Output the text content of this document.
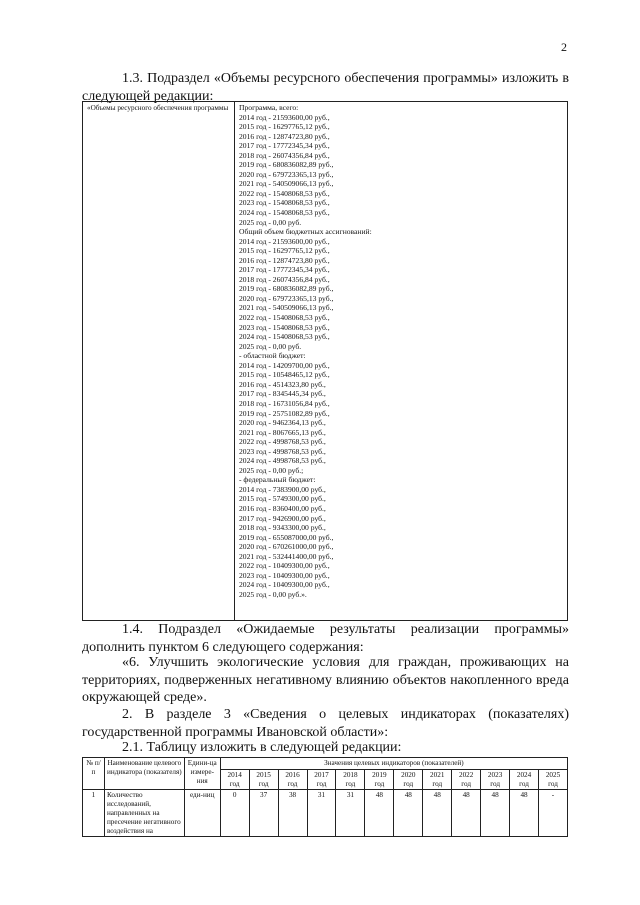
2

1.3. Подраздел «Объемы ресурсного обеспечения программы» изложить в следующей редакции:

«Объемы ресурсного обеспечения программы	Программа, всего:
2014 год - 21593600,00 руб.,
2015 год - 16297765,12 руб.,
2016 год - 12874723,80 руб.,
2017 год - 17772345,34 руб.,
2018 год - 26074356,84 руб.,
2019 год - 680836082,89 руб.,
2020 год - 679723365,13 руб.,
2021 год - 540509066,13 руб.,
2022 год - 15408068,53 руб.,
2023 год - 15408068,53 руб.,
2024 год - 15408068,53 руб.,
2025 год - 0,00 руб.
Общий объем бюджетных ассигнований:
2014 год - 21593600,00 руб.,
2015 год - 16297765,12 руб.,
2016 год - 12874723,80 руб.,
2017 год - 17772345,34 руб.,
2018 год - 26074356,84 руб.,
2019 год - 680836082,89 руб.,
2020 год - 679723365,13 руб.,
2021 год - 540509066,13 руб.,
2022 год - 15408068,53 руб.,
2023 год - 15408068,53 руб.,
2024 год - 15408068,53 руб.,
2025 год - 0,00 руб.
- областной бюджет:
2014 год - 14209700,00 руб.,
2015 год - 10548465,12 руб.,
2016 год - 4514323,80 руб.,
2017 год - 8345445,34 руб.,
2018 год - 16731056,84 руб.,
2019 год - 25751082,89 руб.,
2020 год - 9462364,13 руб.,
2021 год - 8067665,13 руб.,
2022 год - 4998768,53 руб.,
2023 год - 4998768,53 руб.,
2024 год - 4998768,53 руб.,
2025 год - 0,00 руб.;
- федеральный бюджет:
2014 год - 7383900,00 руб.,
2015 год - 5749300,00 руб.,
2016 год - 8360400,00 руб.,
2017 год - 9426900,00 руб.,
2018 год - 9343300,00 руб.,
2019 год - 655087000,00 руб.,
2020 год - 670261000,00 руб.,
2021 год - 532441400,00 руб.,
2022 год - 10409300,00 руб.,
2023 год - 10409300,00 руб.,
2024 год - 10409300,00 руб.,
2025 год - 0,00 руб.».

1.4. Подраздел «Ожидаемые результаты реализации программы» дополнить пунктом 6 следующего содержания:

«6. Улучшить экологические условия для граждан, проживающих на территориях, подверженных негативному влиянию объектов накопленного вреда окружающей среде».

2. В разделе 3 «Сведения о целевых индикаторах (показателях) государственной программы Ивановской области»:

2.1. Таблицу изложить в следующей редакции:

№ п/п	Наименование целевого индикатора (показателя)	Едини-ца измере-ния	Значения целевых индикаторов (показателей)											
			2014 год	2015 год	2016 год	2017 год	2018 год	2019 год	2020 год	2021 год	2022 год	2023 год	2024 год	2025 год
1	Количество исследований, направленных на пресечение негативного воздействия на	еди-ниц	0	37	38	31	31	48	48	48	48	48	48	-
